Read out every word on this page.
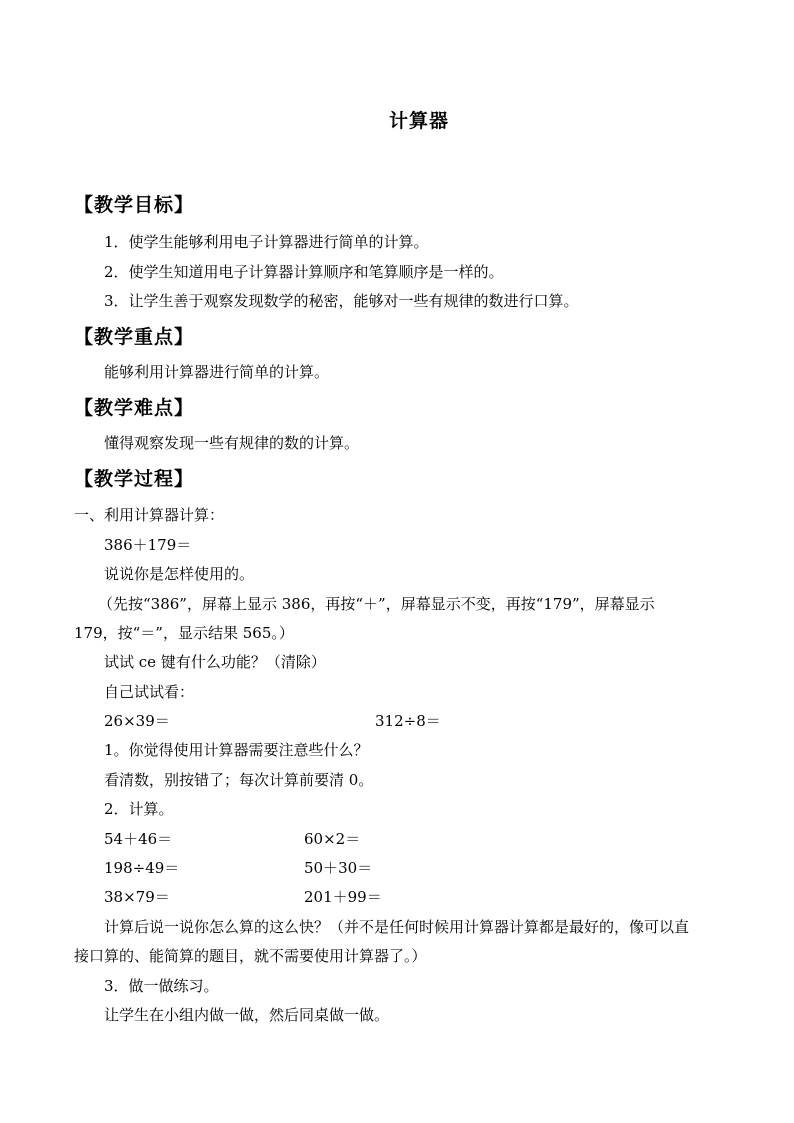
计算器
【教学目标】
1．使学生能够利用电子计算器进行简单的计算。
2．使学生知道用电子计算器计算顺序和笔算顺序是一样的。
3．让学生善于观察发现数学的秘密，能够对一些有规律的数进行口算。
【教学重点】
能够利用计算器进行简单的计算。
【教学难点】
懂得观察发现一些有规律的数的计算。
【教学过程】
一、利用计算器计算：
386＋179＝
说说你是怎样使用的。
（先按“386”，屏幕上显示 386，再按“＋”，屏幕显示不变，再按“179”，屏幕显示
179，按“＝”，显示结果 565。）
试试 ce 键有什么功能？（清除）
自己试试看：
26×39＝	312÷8＝
1。你觉得使用计算器需要注意些什么？
看清数，别按错了；每次计算前要清 0。
2．计算。
54＋46＝	60×2＝
198÷49＝	50＋30＝
38×79＝	201＋99＝
计算后说一说你怎么算的这么快？（并不是任何时候用计算器计算都是最好的，像可以直
接口算的、能简算的题目，就不需要使用计算器了。）
3．做一做练习。
让学生在小组内做一做，然后同桌做一做。
